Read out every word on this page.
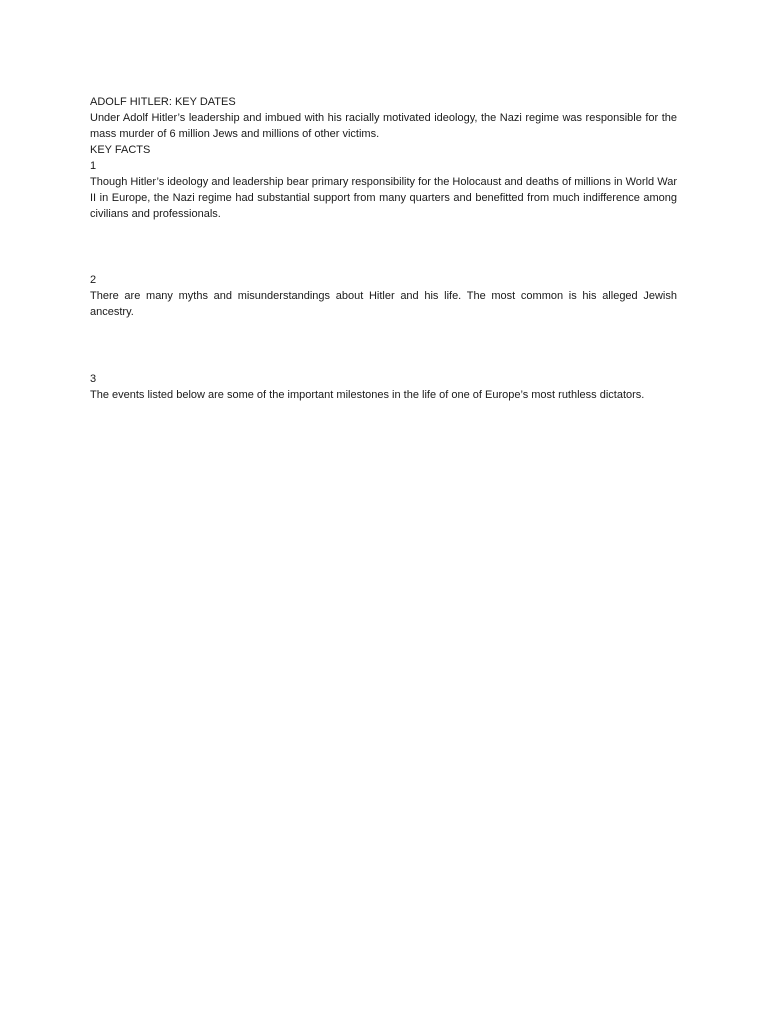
ADOLF HITLER: KEY DATES

Under Adolf Hitler’s leadership and imbued with his racially motivated ideology, the Nazi regime was responsible for the mass murder of 6 million Jews and millions of other victims.

KEY FACTS

1

Though Hitler’s ideology and leadership bear primary responsibility for the Holocaust and deaths of millions in World War II in Europe, the Nazi regime had substantial support from many quarters and benefitted from much indifference among civilians and professionals.

2

There are many myths and misunderstandings about Hitler and his life. The most common is his alleged Jewish ancestry.

3

The events listed below are some of the important milestones in the life of one of Europe’s most ruthless dictators.
